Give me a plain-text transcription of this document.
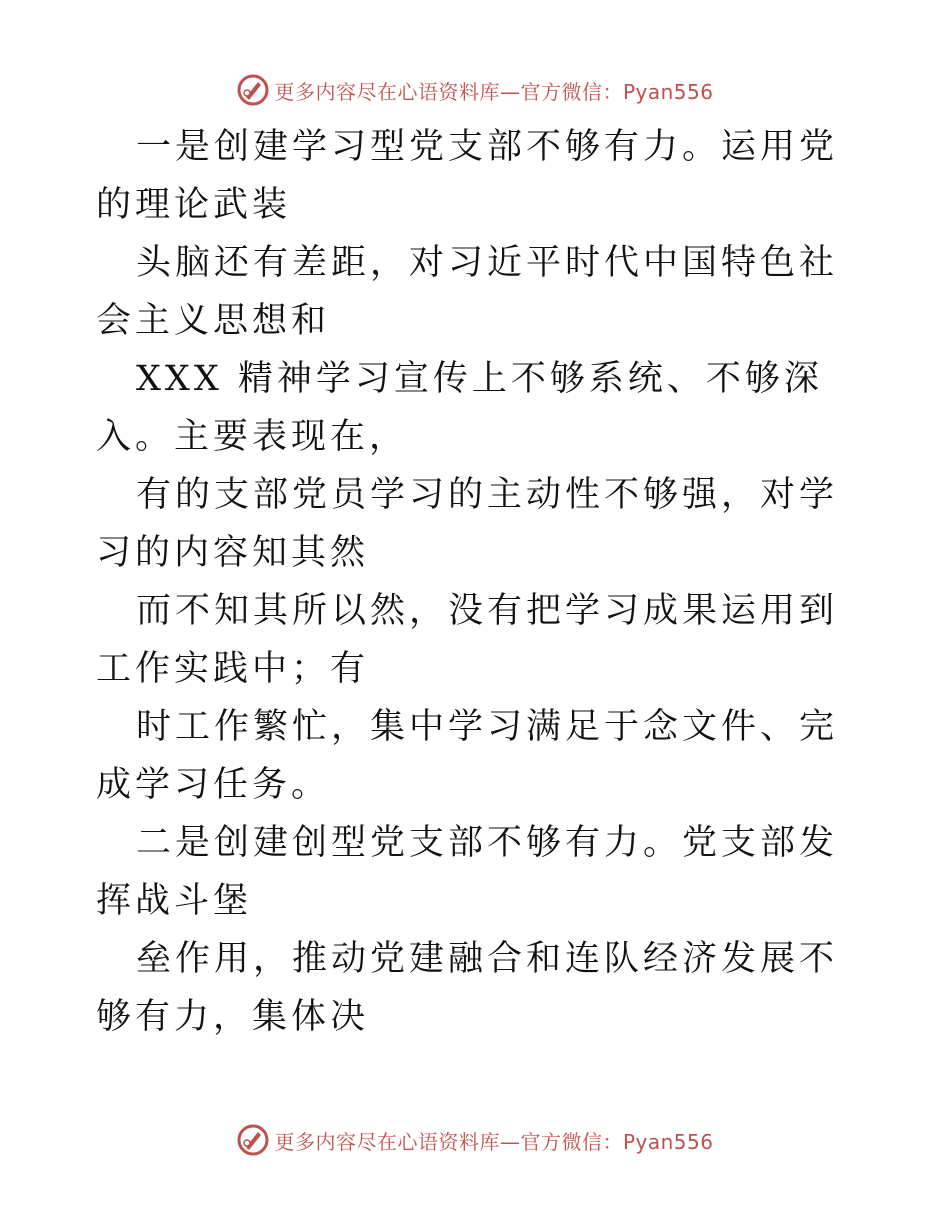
更多内容尽在心语资料库—官方微信：Pyan556

一是创建学习型党支部不够有力。运用党的理论武装

头脑还有差距，对习近平时代中国特色社会主义思想和

XXX 精神学习宣传上不够系统、不够深入。主要表现在，

有的支部党员学习的主动性不够强，对学习的内容知其然

而不知其所以然，没有把学习成果运用到工作实践中；有

时工作繁忙，集中学习满足于念文件、完成学习任务。

二是创建创型党支部不够有力。党支部发挥战斗堡

垒作用，推动党建融合和连队经济发展不够有力，集体决

更多内容尽在心语资料库—官方微信：Pyan556
